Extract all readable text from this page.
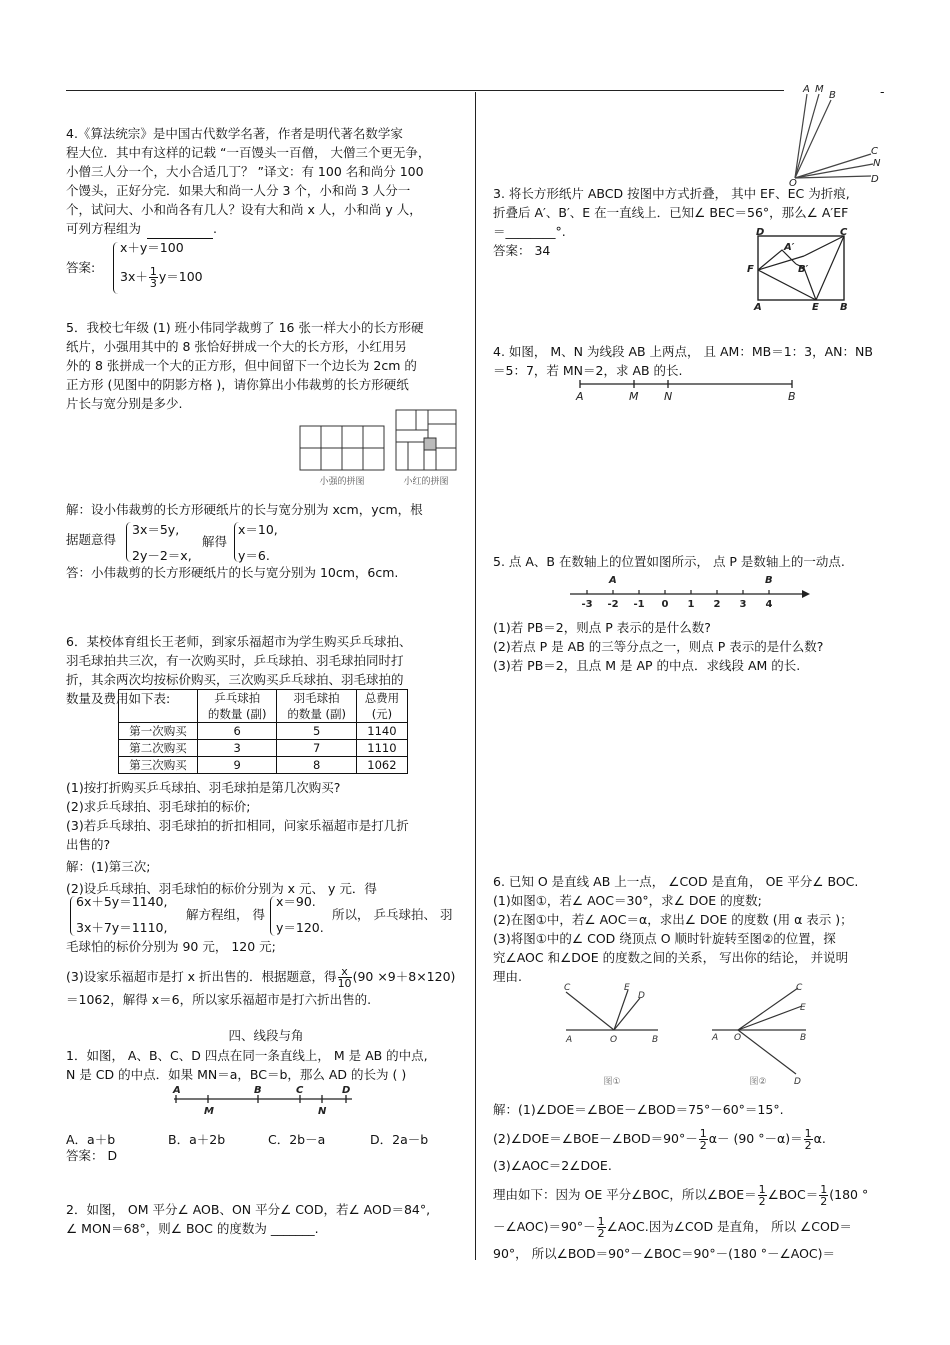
-
4.《算法统宗》是中国古代数学名著，作者是明代著名数学家
程大位．其中有这样的记载 “一百馒头一百僧， 大僧三个更无争，
小僧三人分一个，大小合适几丁？ ”译文：有 100 名和尚分 100
个馒头，正好分完．如果大和尚一人分 3 个，小和尚 3 人分一
个，试问大、小和尚各有几人？设有大和尚 x 人，小和尚 y 人，
可列方程组为	.
答案:
x＋y＝100
$3x+ \frac{1}{3} y=100$
5．我校七年级 (1) 班小伟同学裁剪了 16 张一样大小的长方形硬
纸片，小强用其中的 8 张恰好拼成一个大的长方形，小红用另
外的 8 张拼成一个大的正方形，但中间留下一个边长为 2cm 的
正方形 (见图中的阴影方格 )，请你算出小伟裁剪的长方形硬纸
片长与宽分别是多少.
小强的拼图	小红的拼图
解：设小伟裁剪的长方形硬纸片的长与宽分别为 xcm，ycm，根
据题意得
3x＝5y,
2y－2＝x,
解得
x＝10,
y＝6.
答：小伟裁剪的长方形硬纸片的长与宽分别为 10cm，6cm.
6．某校体育组长王老师，到家乐福超市为学生购买乒乓球拍、
羽毛球拍共三次，有一次购买时，乒乓球拍、羽毛球拍同时打
折，其余两次均按标价购买，三次购买乒乓球拍、羽毛球拍的
数量及费用如下表:
		乒乓球拍	羽毛球拍	总费用
	的数量 (副)	的数量 (副)	(元)
第一次购买	6	5	1140
第二次购买	3	7	1110
第三次购买	9	8	1062
(1)按打折购买乒乓球拍、羽毛球拍是第几次购买?
(2)求乒乓球拍、羽毛球拍的标价;
(3)若乒乓球拍、羽毛球拍的折扣相同，问家乐福超市是打几折
出售的?
解：(1)第三次;
(2)设乒乓球拍、羽毛球怕的标价分别为 x 元、 y 元．得
6x＋5y＝1140,
3x＋7y＝1110,
解方程组， 得
x＝90.
y＝120.
所以， 乒乓球拍、 羽
毛球怕的标价分别为 90 元， 120 元;
(3)设家乐福超市是打 x 折出售的．根据题意，得 $\frac{x}{10} (90 \times 9+8\times 120)$
＝1062，解得 x＝6，所以家乐福超市是打六折出售的.
四、线段与角
1．如图， A、B、C、D 四点在同一条直线上， M 是 AB 的中点,
N 是 CD 的中点．如果 MN＝a，BC＝b，那么 AD 的长为 ( )
A	B	C	D
M	N
A．a＋b	B．a＋2b	C．2b－a	D．2a－b
答案： D
2．如图， OM 平分∠ AOB、ON 平分∠ COD，若∠ AOD＝84°,
∠ MON＝68°，则∠ BOC 的度数为 _______.
A M
B
C
N
D
O
3. 将长方形纸片 ABCD 按图中方式折叠， 其中 EF、EC 为折痕,
折叠后 A′、B′、E 在一直线上．已知∠ BEC＝56°，那么∠ A′EF
＝________°.
答案： 34
D	C
A′
B′
F
A	E B
4. 如图， M、N 为线段 AB 上两点， 且 AM：MB＝1：3，AN：NB
＝5：7，若 MN＝2，求 AB 的长.
A	M N	B
5. 点 A、B 在数轴上的位置如图所示， 点 P 是数轴上的一动点.
-3 -2 -1 0 1 2 3 4
A	B
(1)若 PB＝2，则点 P 表示的是什么数?
(2)若点 P 是 AB 的三等分点之一，则点 P 表示的是什么数?
(3)若 PB＝2，且点 M 是 AP 的中点．求线段 AM 的长.
6. 已知 O 是直线 AB 上一点， ∠COD 是直角， OE 平分∠ BOC.
(1)如图①，若∠ AOC＝30°，求∠ DOE 的度数;
(2)在图①中，若∠ AOC＝α，求出∠ DOE 的度数 (用 α 表示 )；
(3)将图①中的∠ COD 绕顶点 O 顺时针旋转至图②的位置，探
究∠AOC 和∠DOE 的度数之间的关系， 写出你的结论， 并说明
理由.
A	O	B
E
D
C
A O	B
E
D
C
图①	图②
解：(1)∠DOE＝∠BOE－∠BOD＝75°－60°＝15°.
(2)∠DOE＝∠BOE－∠BOD＝90°－ $\frac{1}{2} \alpha- (90$ $^\circ-\alpha)= \frac{1}{2} \alpha$.
(3)∠AOC＝2∠DOE.
理由如下：因为 OE 平分∠BOC，所以∠BOE＝ $\frac{1}{2}$ ∠BOC＝ $\frac{1}{2} (180$ °
－∠AOC)＝90°－ $\frac{1}{2}$ ∠AOC.因为∠COD 是直角， 所以 ∠COD＝
90°， 所以∠BOD＝90°－∠BOC＝90°－(180 °－∠AOC)＝
